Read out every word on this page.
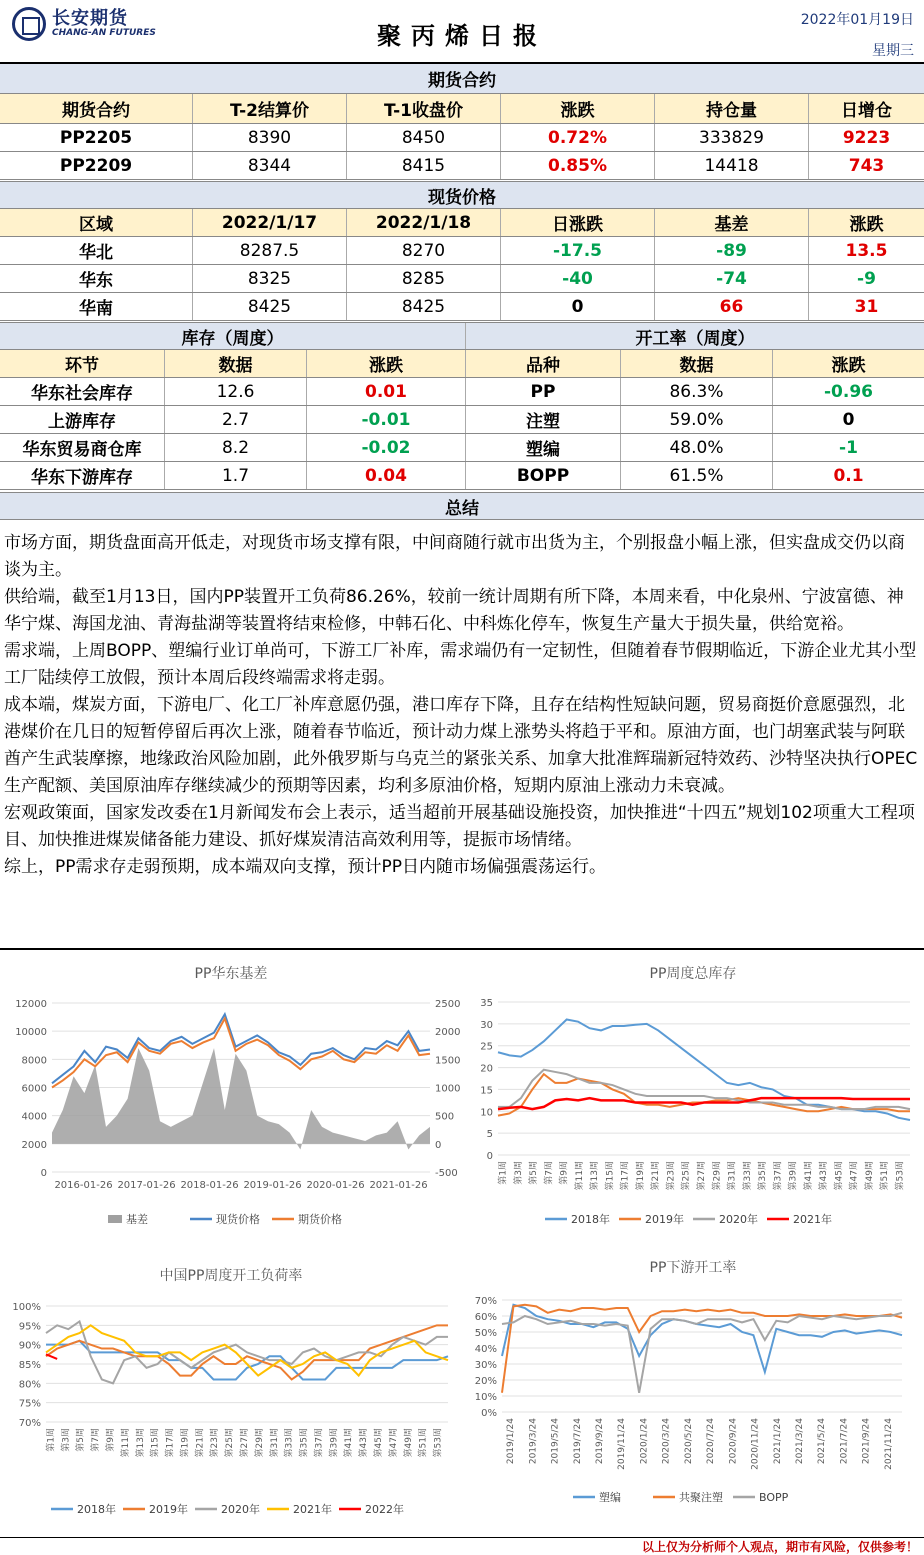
长安期货
CHANG-AN FUTURES	聚丙烯日报
2022年01月19日
星期三
期货合约
期货合约	T-2结算价	T-1收盘价	涨跌	持仓量	日增仓
PP2205	8390	8450	0.72%	333829	9223
PP2209	8344	8415	0.85%	14418	743
现货价格
区域	2022/1/17	2022/1/18	日涨跌	基差	涨跌
华北	8287.5	8270	-17.5	-89	13.5
华东	8325	8285	-40	-74	-9
华南	8425	8425	0	66	31
库存（周度）	开工率（周度）
环节	数据	涨跌	品种	数据	涨跌
华东社会库存	12.6	0.01	PP	86.3%	-0.96
上游库存	2.7	-0.01	注塑	59.0%	0
华东贸易商仓库	8.2	-0.02	塑编	48.0%	-1
华东下游库存	1.7	0.04	BOPP	61.5%	0.1
总结

市场方面，期货盘面高开低走，对现货市场支撑有限，中间商随行就市出货为主，个别报盘小幅上涨，但实盘成交仍以商谈为主。

供给端，截至1月13日，国内PP装置开工负荷86.26%，较前一统计周期有所下降，本周来看，中化泉州、宁波富德、神华宁煤、海国龙油、青海盐湖等装置将结束检修，中韩石化、中科炼化停车，恢复生产量大于损失量，供给宽裕。

需求端，上周BOPP、塑编行业订单尚可，下游工厂补库，需求端仍有一定韧性，但随着春节假期临近，下游企业尤其小型工厂陆续停工放假，预计本周后段终端需求将走弱。

成本端，煤炭方面，下游电厂、化工厂补库意愿仍强，港口库存下降，且存在结构性短缺问题，贸易商挺价意愿强烈，北港煤价在几日的短暂停留后再次上涨，随着春节临近，预计动力煤上涨势头将趋于平和。原油方面，也门胡塞武装与阿联酋产生武装摩擦，地缘政治风险加剧，此外俄罗斯与乌克兰的紧张关系、加拿大批准辉瑞新冠特效药、沙特坚决执行OPEC生产配额、美国原油库存继续减少的预期等因素，均利多原油价格，短期内原油上涨动力未衰减。

宏观政策面，国家发改委在1月新闻发布会上表示，适当超前开展基础设施投资，加快推进“十四五”规划102项重大工程项目、加快推进煤炭储备能力建设、抓好煤炭清洁高效利用等，提振市场情绪。

综上，PP需求存走弱预期，成本端双向支撑，预计PP日内随市场偏强震荡运行。

PP华东基差
0
2000
4000
6000
8000
10000
12000
-500
0
500
1000
1500
2000
2500
2016-01-26 2017-01-26 2018-01-26 2019-01-26 2020-01-26 2021-01-26
基差	现货价格	期货价格
PP周度总库存
0
5
10
15
20
25
30
35
第1周 第3周 第5周 第7周 第9周 第11周 第13周 第15周 第17周 第19周 第21周 第23周 第25周 第27周 第29周 第31周 第33周 第35周 第37周 第39周 第41周 第43周 第45周 第47周 第49周 第51周 第53周
2018年	2019年	2020年	2021年
中国PP周度开工负荷率
70%
75%
80%
85%
90%
95%
100%
第1周 第3周 第5周 第7周 第9周 第11周 第13周 第15周 第17周 第19周 第21周 第23周 第25周 第27周 第29周 第31周 第33周 第35周 第37周 第39周 第41周 第43周 第45周 第47周 第49周 第51周 第53周
2018年	2019年	2020年	2021年	2022年
PP下游开工率
0%
10%
20%
30%
40%
50%
60%
70%
2019/1/24 2019/3/24 2019/5/24 2019/7/24 2019/9/24 2019/11/24 2020/1/24 2020/3/24 2020/5/24 2020/7/24 2020/9/24 2020/11/24 2021/1/24 2021/3/24 2021/5/24 2021/7/24 2021/9/24 2021/11/24
塑编	共聚注塑	BOPP
以上仅为分析师个人观点，期市有风险，仅供参考！
